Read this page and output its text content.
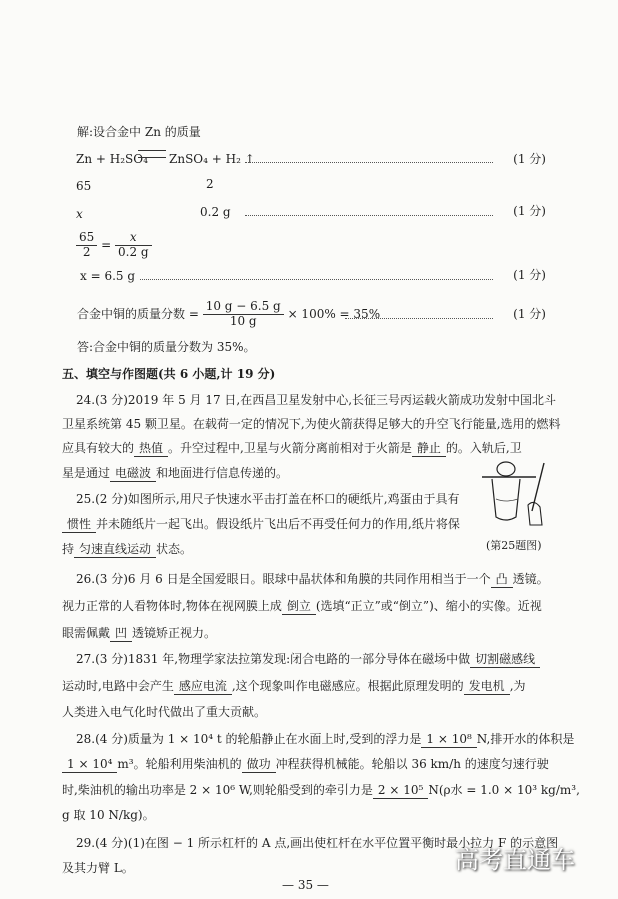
解:设合金中 Zn 的质量
Zn + H₂SO₄ ZnSO₄ + H₂ ↑	(1 分)
65	2
x	0.2 g	(1 分)
$\frac{65}{2} = \frac{x}{0.2 g}$
x = 6.5 g	(1 分)
合金中铜的质量分数 = $\frac{10 g - 6.5 g}{10 g} \times 100\% = 35\%$	(1 分)
答:合金中铜的质量分数为 35%。
五、填空与作图题(共 6 小题,计 19 分)
24.(3 分)2019 年 5 月 17 日,在西昌卫星发射中心,长征三号丙运载火箭成功发射中国北斗
卫星系统第 45 颗卫星。在载荷一定的情况下,为使火箭获得足够大的升空飞行能量,选用的燃料
应具有较大的 热值 。升空过程中,卫星与火箭分离前相对于火箭是 静止 的。入轨后,卫
星是通过 电磁波 和地面进行信息传递的。
25.(2 分)如图所示,用尺子快速水平击打盖在杯口的硬纸片,鸡蛋由于具有
惯性 并未随纸片一起飞出。假设纸片飞出后不再受任何力的作用,纸片将保
持 匀速直线运动 状态。	(第25题图)
26.(3 分)6 月 6 日是全国爱眼日。眼球中晶状体和角膜的共同作用相当于一个 凸 透镜。
视力正常的人看物体时,物体在视网膜上成 倒立 (选填“正立”或“倒立”)、缩小的实像。近视
眼需佩戴 凹 透镜矫正视力。
27.(3 分)1831 年,物理学家法拉第发现:闭合电路的一部分导体在磁场中做 切割磁感线
运动时,电路中会产生 感应电流 ,这个现象叫作电磁感应。根据此原理发明的 发电机 ,为
人类进入电气化时代做出了重大贡献。
28.(4 分)质量为 1 × 10⁴ t 的轮船静止在水面上时,受到的浮力是 1 × 10⁸ N,排开水的体积是
1 × 10⁴ m³。轮船利用柴油机的 做功 冲程获得机械能。轮船以 36 km/h 的速度匀速行驶
时,柴油机的输出功率是 2 × 10⁶ W,则轮船受到的牵引力是 2 × 10⁵ N(ρ水 = 1.0 × 10³ kg/m³,
g 取 10 N/kg)。
29.(4 分)(1)在图 − 1 所示杠杆的 A 点,画出使杠杆在水平位置平衡时最小拉力 F 的示意图
及其力臂 L。
— 35 —
高考直通车
